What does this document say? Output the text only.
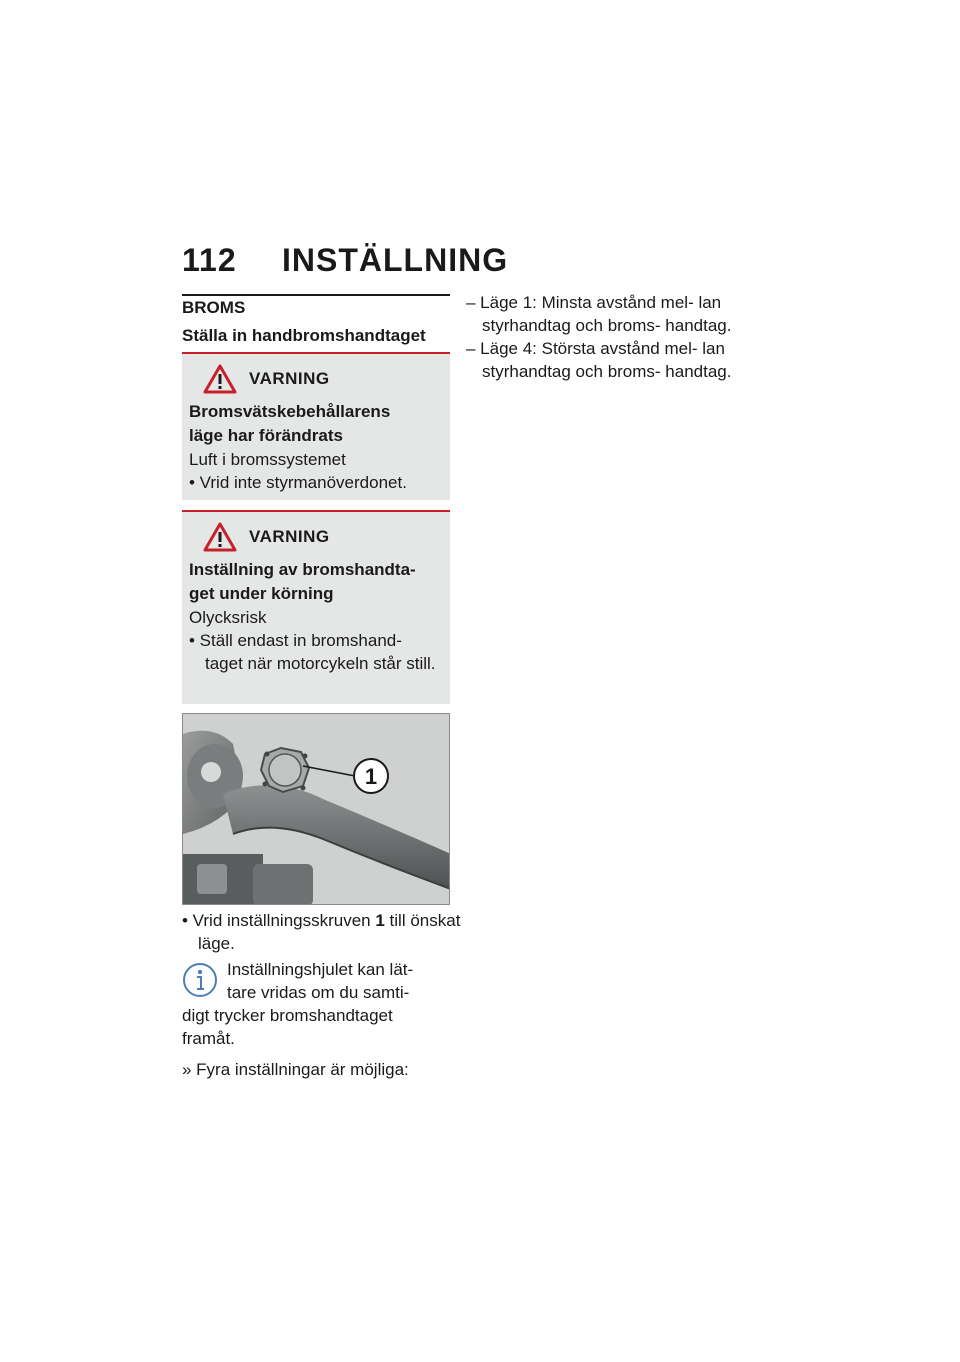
112 INSTÄLLNING
BROMS
Ställa in handbromshandtaget
VARNING
Bromsvätskebehållarens
läge har förändrats
Luft i bromssystemet
• Vrid inte styrmanöverdonet.
VARNING
Inställning av bromshandta-
get under körning
Olycksrisk
• Ställ endast in bromshand- taget när motorcykeln står still.
1
• Vrid inställningsskruven 1 till önskat läge.
Inställningshjulet kan lät-
tare vridas om du samti-
digt trycker bromshandtaget
framåt.
» Fyra inställningar är möjliga:
– Läge 1: Minsta avstånd mel- lan styrhandtag och broms- handtag.
– Läge 4: Största avstånd mel- lan styrhandtag och broms- handtag.
